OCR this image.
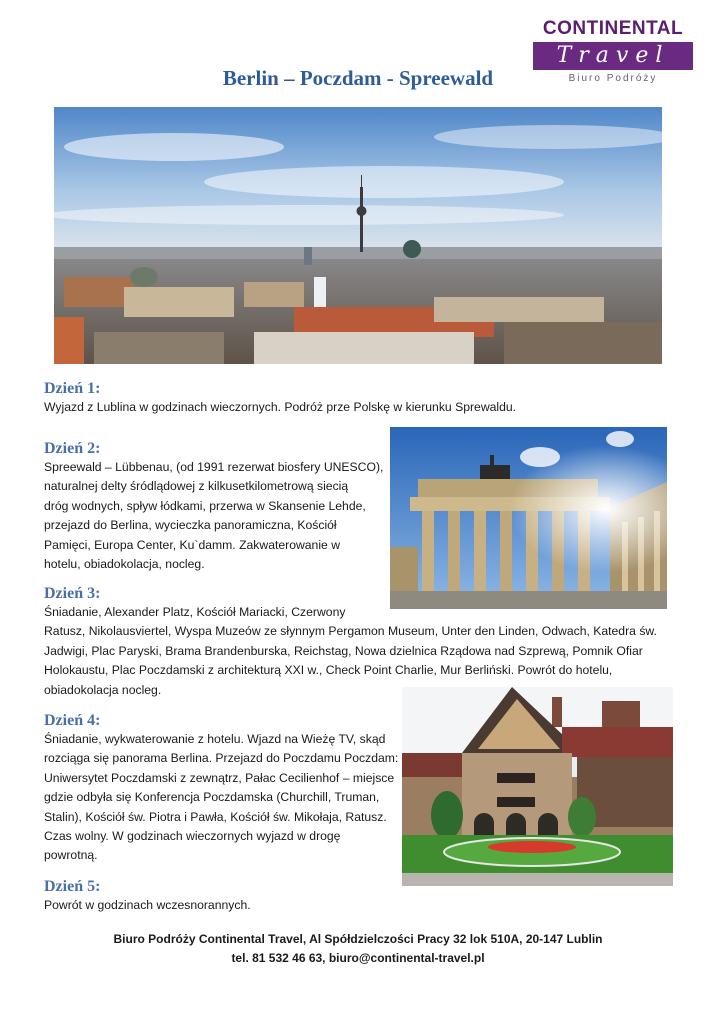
CONTINENTAL
Travel
Biuro Podróży
Berlin – Poczdam - Spreewald
Dzień 1:

Wyjazd z Lublina w godzinach wieczornych. Podróż prze Polskę w kierunku Sprewaldu.

Dzień 2:
Spreewald – Lübbenau, (od 1991 rezerwat biosfery UNESCO),
naturalnej delty śródlądowej z kilkusetkilometrową siecią
dróg wodnych, spływ łódkami, przerwa w Skansenie Lehde,
przejazd do Berlina, wycieczka panoramiczna, Kościół
Pamięci, Europa Center, Ku`damm. Zakwaterowanie w
hotelu, obiadokolacja, nocleg.
Dzień 3:
Śniadanie, Alexander Platz, Kościół Mariacki, Czerwony
Ratusz, Nikolausviertel, Wyspa Muzeów ze słynnym Pergamon Museum, Unter den Linden, Odwach, Katedra św.
Jadwigi, Plac Paryski, Brama Brandenburska, Reichstag, Nowa dzielnica Rządowa nad Szprewą, Pomnik Ofiar
Holokaustu, Plac Poczdamski z architekturą XXI w., Check Point Charlie, Mur Berliński. Powrót do hotelu,
obiadokolacja nocleg.
Dzień 4:
Śniadanie, wykwaterowanie z hotelu. Wjazd na Wieżę TV, skąd
rozciąga się panorama Berlina. Przejazd do Poczdamu Poczdam:
Uniwersytet Poczdamski z zewnątrz, Pałac Cecilienhof – miejsce
gdzie odbyła się Konferencja Poczdamska (Churchill, Truman,
Stalin), Kościół św. Piotra i Pawła, Kościół św. Mikołaja, Ratusz.
Czas wolny. W godzinach wieczornych wyjazd w drogę
powrotną.
Dzień 5:

Powrót w godzinach wczesnorannych.

Biuro Podróży Continental Travel, Al Spółdzielczości Pracy 32 lok 510A, 20-147 Lublin
tel. 81 532 46 63, biuro@continental-travel.pl
